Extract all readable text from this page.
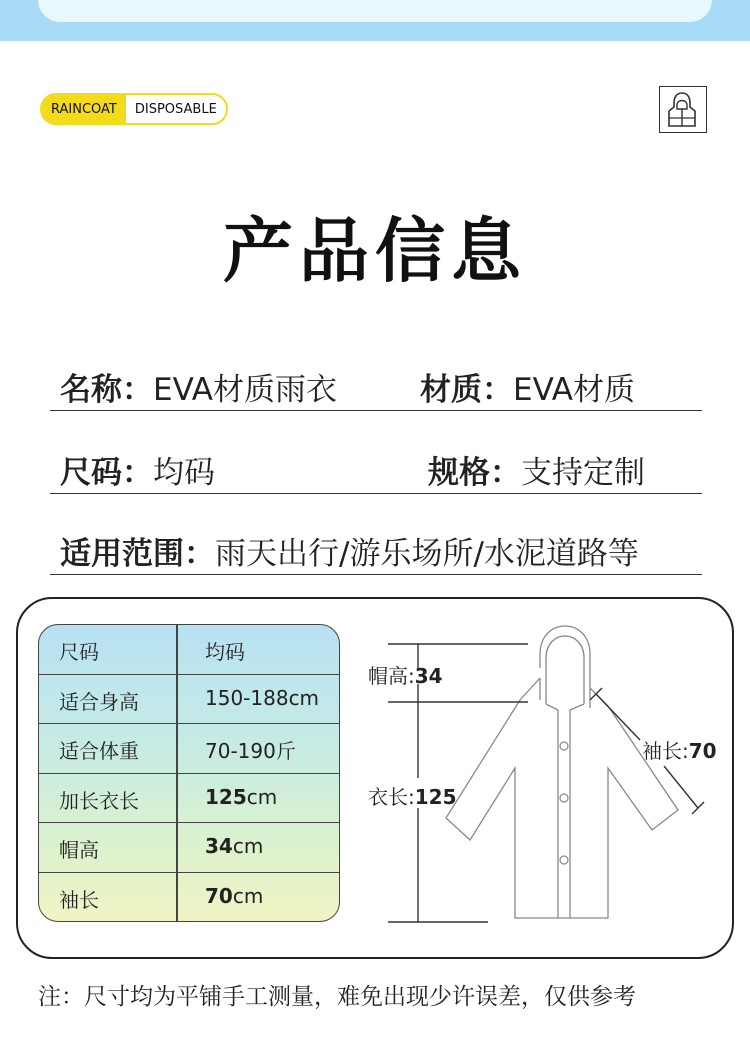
RAINCOAT	DISPOSABLE
产品信息
名称：EVA材质雨衣	材质：EVA材质
尺码：均码	规格：支持定制
适用范围：雨天出行/游乐场所/水泥道路等
尺码	均码
适合身高	150-188cm
适合体重	70-190斤
加长衣长	125cm
帽高	34cm
袖长	70cm
帽高:34
衣长:125
袖长:70
注：尺寸均为平铺手工测量，难免出现少许误差，仅供参考
